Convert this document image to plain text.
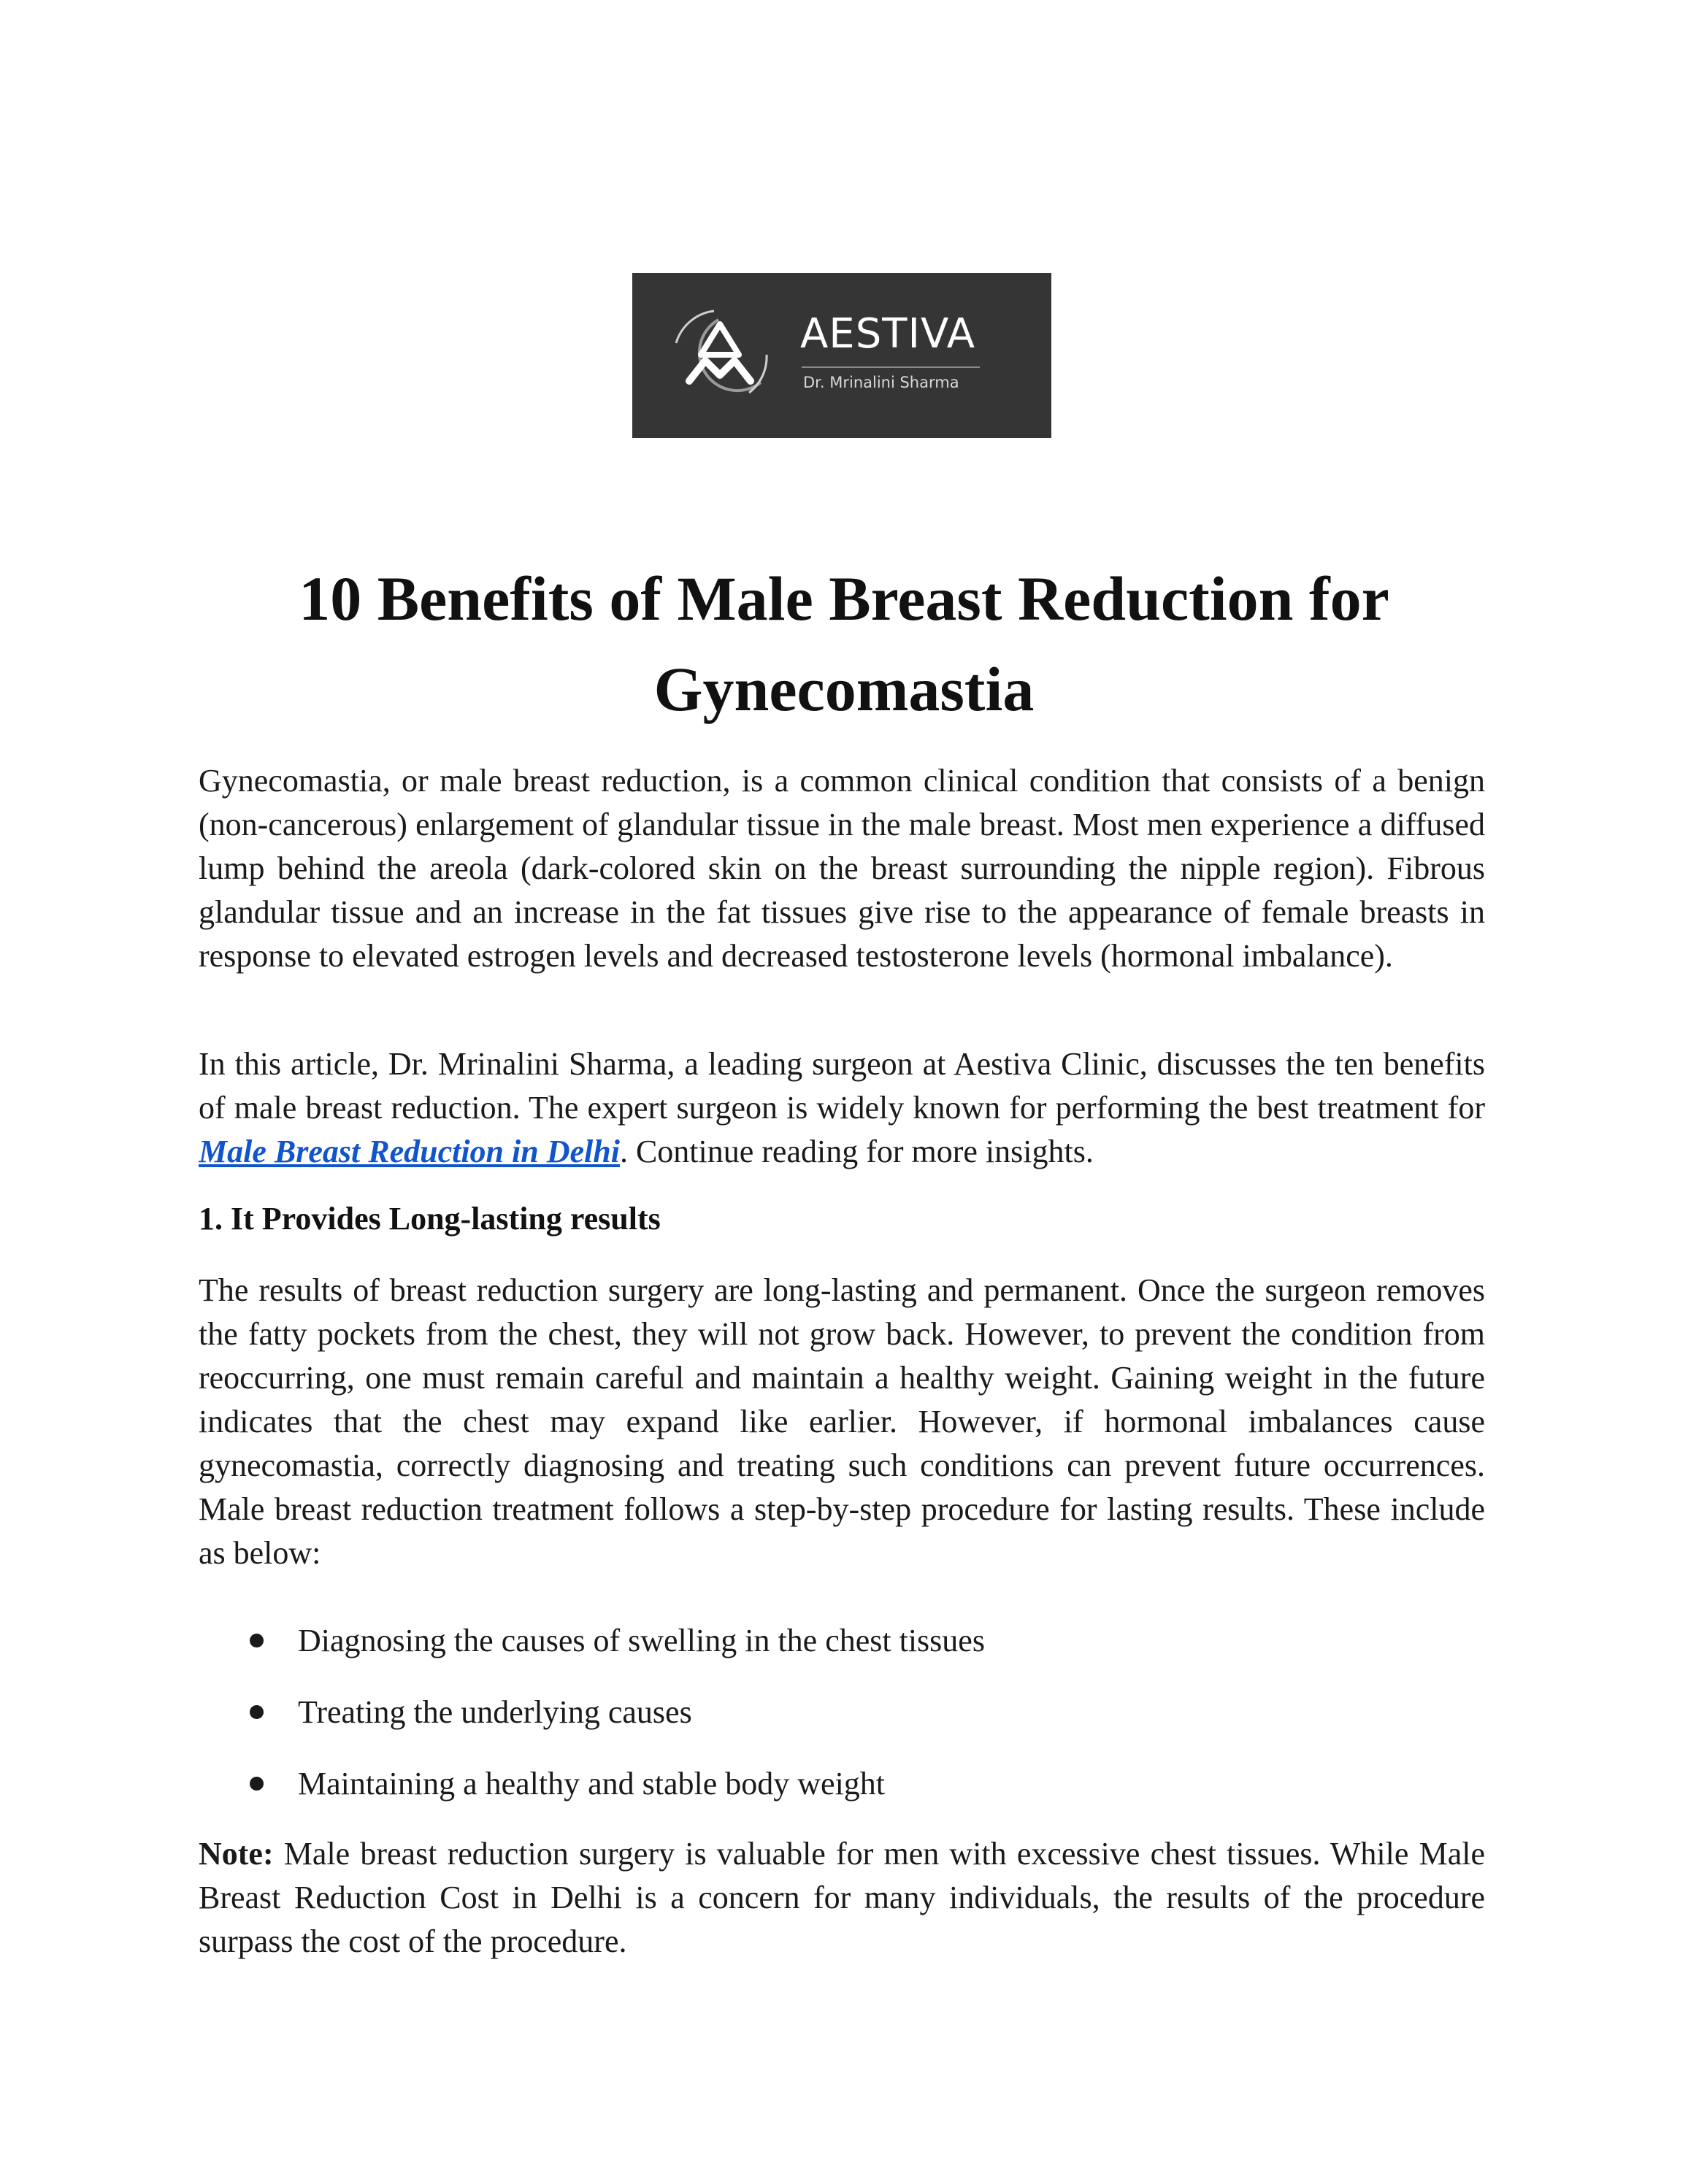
AESTIVA
Dr. Mrinalini Sharma
10 Benefits of Male Breast Reduction for Gynecomastia

Gynecomastia, or male breast reduction, is a common clinical condition that consists of a benign (non-cancerous) enlargement of glandular tissue in the male breast. Most men experience a diffused lump behind the areola (dark-colored skin on the breast surrounding the nipple region). Fibrous glandular tissue and an increase in the fat tissues give rise to the appearance of female breasts in response to elevated estrogen levels and decreased testosterone levels (hormonal imbalance).

In this article, Dr. Mrinalini Sharma, a leading surgeon at Aestiva Clinic, discusses the ten benefits of male breast reduction. The expert surgeon is widely known for performing the best treatment for Male Breast Reduction in Delhi. Continue reading for more insights.

1. It Provides Long-lasting results

The results of breast reduction surgery are long-lasting and permanent. Once the surgeon removes the fatty pockets from the chest, they will not grow back. However, to prevent the condition from reoccurring, one must remain careful and maintain a healthy weight. Gaining weight in the future indicates that the chest may expand like earlier. However, if hormonal imbalances cause gynecomastia, correctly diagnosing and treating such conditions can prevent future occurrences. Male breast reduction treatment follows a step-by-step procedure for lasting results. These include as below:

Diagnosing the causes of swelling in the chest tissues
Treating the underlying causes
Maintaining a healthy and stable body weight

Note: Male breast reduction surgery is valuable for men with excessive chest tissues. While Male Breast Reduction Cost in Delhi is a concern for many individuals, the results of the procedure surpass the cost of the procedure.
